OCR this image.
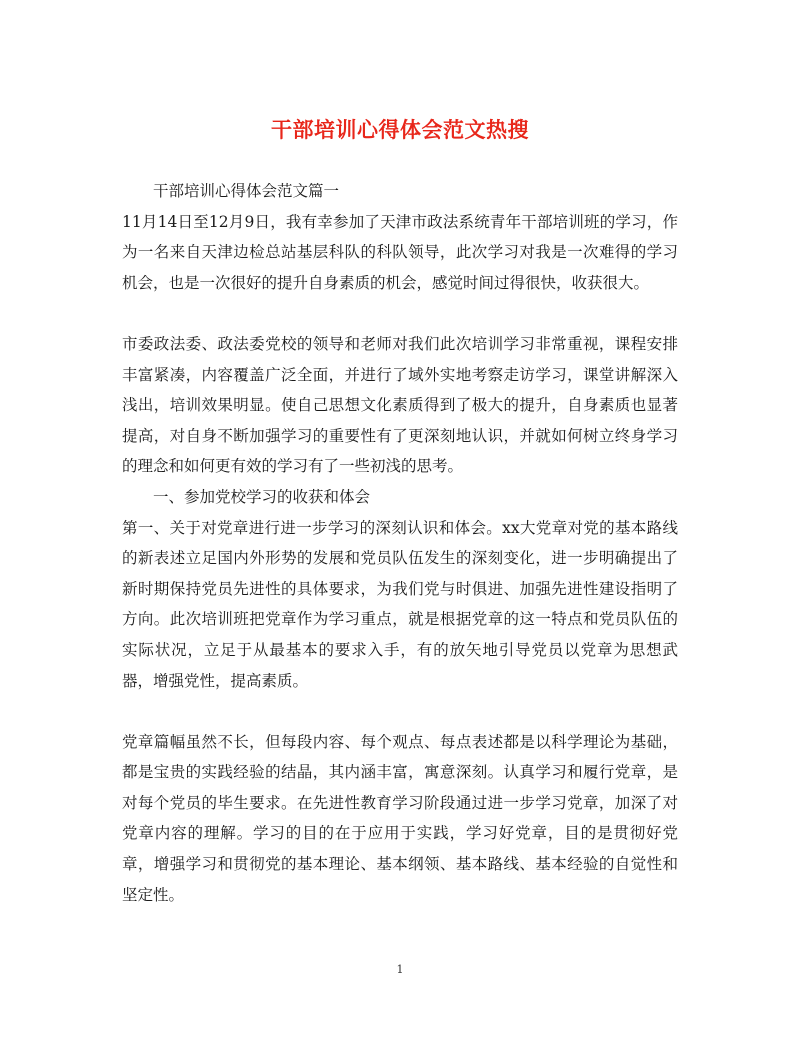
干部培训心得体会范文热搜

干部培训心得体会范文篇一

11月14日至12月9日，我有幸参加了天津市政法系统青年干部培训班的学习，作为一名来自天津边检总站基层科队的科队领导，此次学习对我是一次难得的学习机会，也是一次很好的提升自身素质的机会，感觉时间过得很快，收获很大。

市委政法委、政法委党校的领导和老师对我们此次培训学习非常重视，课程安排丰富紧凑，内容覆盖广泛全面，并进行了域外实地考察走访学习，课堂讲解深入浅出，培训效果明显。使自己思想文化素质得到了极大的提升，自身素质也显著提高，对自身不断加强学习的重要性有了更深刻地认识，并就如何树立终身学习的理念和如何更有效的学习有了一些初浅的思考。

一、参加党校学习的收获和体会

第一、关于对党章进行进一步学习的深刻认识和体会。xx大党章对党的基本路线的新表述立足国内外形势的发展和党员队伍发生的深刻变化，进一步明确提出了新时期保持党员先进性的具体要求，为我们党与时俱进、加强先进性建设指明了方向。此次培训班把党章作为学习重点，就是根据党章的这一特点和党员队伍的实际状况，立足于从最基本的要求入手，有的放矢地引导党员以党章为思想武器，增强党性，提高素质。

党章篇幅虽然不长，但每段内容、每个观点、每点表述都是以科学理论为基础，都是宝贵的实践经验的结晶，其内涵丰富，寓意深刻。认真学习和履行党章，是对每个党员的毕生要求。在先进性教育学习阶段通过进一步学习党章，加深了对党章内容的理解。学习的目的在于应用于实践，学习好党章，目的是贯彻好党章，增强学习和贯彻党的基本理论、基本纲领、基本路线、基本经验的自觉性和坚定性。

1
